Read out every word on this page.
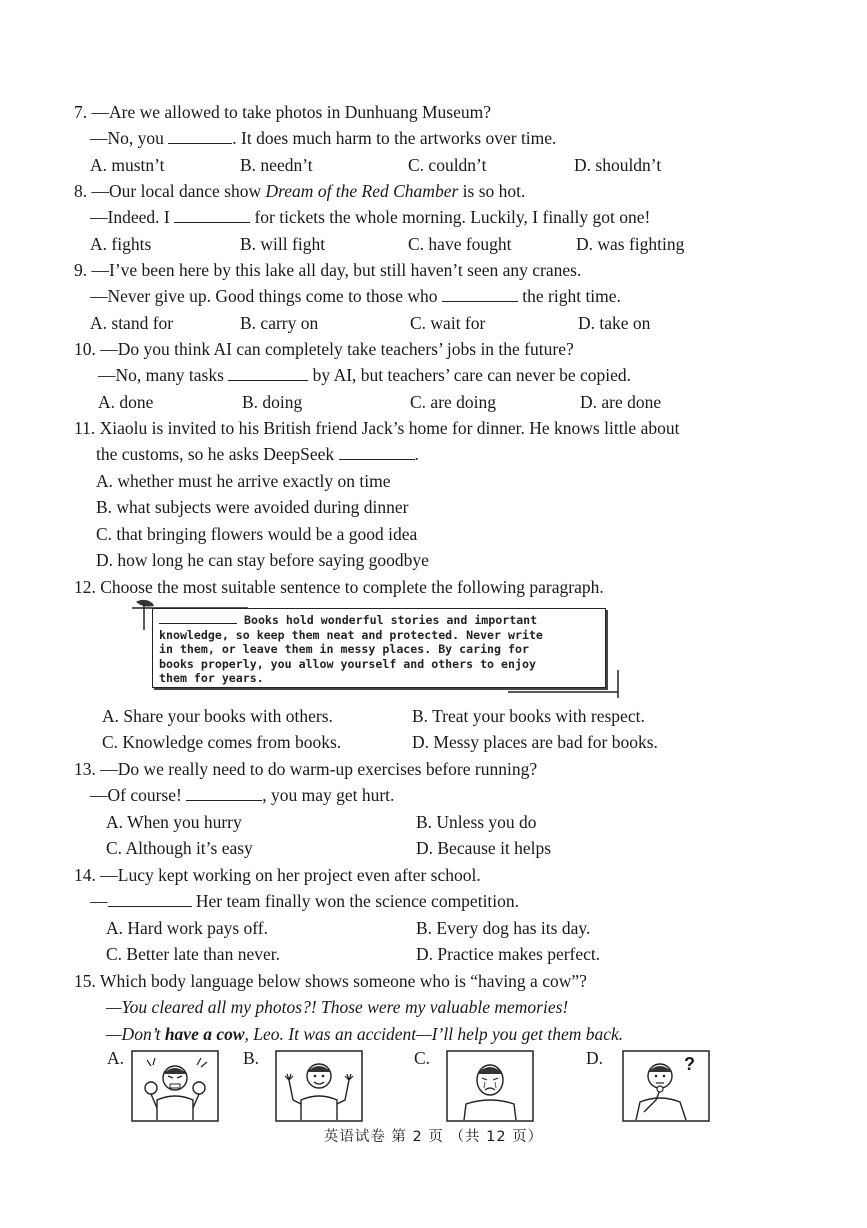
7. —Are we allowed to take photos in Dunhuang Museum?
—No, you	. It does much harm to the artworks over time.
A. mustn’t	B. needn’t	C. couldn’t	D. shouldn’t
8. —Our local dance show Dream of the Red Chamber is so hot.
—Indeed. I	for tickets the whole morning. Luckily, I finally got one!
A. fights	B. will fight	C. have fought	D. was fighting
9. —I’ve been here by this lake all day, but still haven’t seen any cranes.
—Never give up. Good things come to those who	the right time.
A. stand for	B. carry on	C. wait for	D. take on
10. —Do you think AI can completely take teachers’ jobs in the future?
—No, many tasks	by AI, but teachers’ care can never be copied.
A. done	B. doing	C. are doing	D. are done
11. Xiaolu is invited to his British friend Jack’s home for dinner. He knows little about
the customs, so he asks DeepSeek	.
A. whether must he arrive exactly on time
B. what subjects were avoided during dinner
C. that bringing flowers would be a good idea
D. how long he can stay before saying goodbye
12. Choose the most suitable sentence to complete the following paragraph.
Books hold wonderful stories and important
knowledge, so keep them neat and protected. Never write
in them, or leave them in messy places. By caring for
books properly, you allow yourself and others to enjoy
them for years.
A. Share your books with others.	B. Treat your books with respect.
C. Knowledge comes from books.	D. Messy places are bad for books.
13. —Do we really need to do warm-up exercises before running?
—Of course!	, you may get hurt.
A. When you hurry	B. Unless you do
C. Although it’s easy	D. Because it helps
14. —Lucy kept working on her project even after school.
—	Her team finally won the science competition.
A. Hard work pays off.	B. Every dog has its day.
C. Better late than never.	D. Practice makes perfect.
15. Which body language below shows someone who is “having a cow”?
—You cleared all my photos?! Those were my valuable memories!
—Don’t have a cow, Leo. It was an accident—I’ll help you get them back.
A.	B.	C.	D.	?
英语试卷 第 2 页 （共 12 页）
